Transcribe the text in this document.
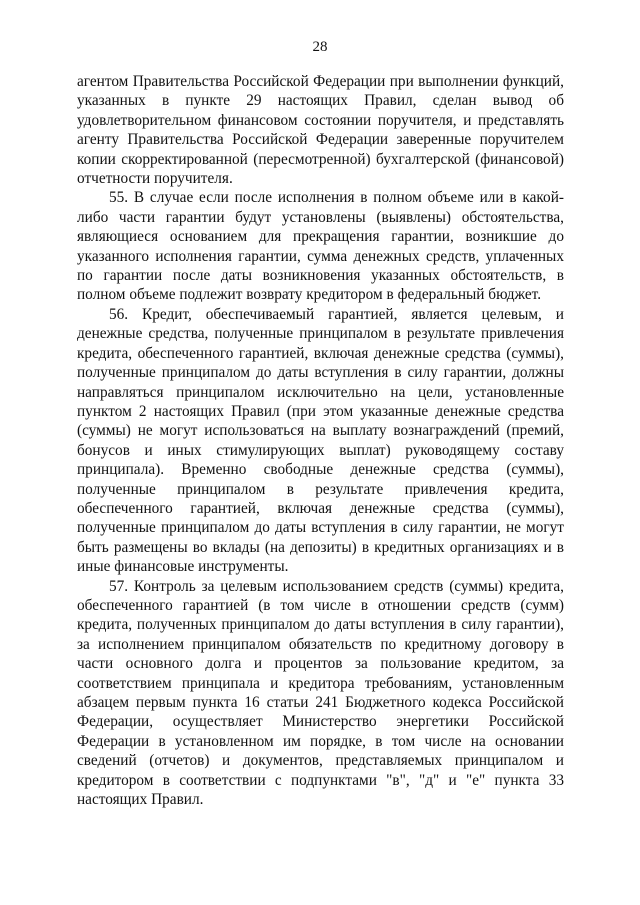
28

агентом Правительства Российской Федерации при выполнении функций, указанных в пункте 29 настоящих Правил, сделан вывод об удовлетворительном финансовом состоянии поручителя, и представлять агенту Правительства Российской Федерации заверенные поручителем копии скорректированной (пересмотренной) бухгалтерской (финансовой) отчетности поручителя.

55. В случае если после исполнения в полном объеме или в какой-либо части гарантии будут установлены (выявлены) обстоятельства, являющиеся основанием для прекращения гарантии, возникшие до указанного исполнения гарантии, сумма денежных средств, уплаченных по гарантии после даты возникновения указанных обстоятельств, в полном объеме подлежит возврату кредитором в федеральный бюджет.

56. Кредит, обеспечиваемый гарантией, является целевым, и денежные средства, полученные принципалом в результате привлечения кредита, обеспеченного гарантией, включая денежные средства (суммы), полученные принципалом до даты вступления в силу гарантии, должны направляться принципалом исключительно на цели, установленные пунктом 2 настоящих Правил (при этом указанные денежные средства (суммы) не могут использоваться на выплату вознаграждений (премий, бонусов и иных стимулирующих выплат) руководящему составу принципала). Временно свободные денежные средства (суммы), полученные принципалом в результате привлечения кредита, обеспеченного гарантией, включая денежные средства (суммы), полученные принципалом до даты вступления в силу гарантии, не могут быть размещены во вклады (на депозиты) в кредитных организациях и в иные финансовые инструменты.

57. Контроль за целевым использованием средств (суммы) кредита, обеспеченного гарантией (в том числе в отношении средств (сумм) кредита, полученных принципалом до даты вступления в силу гарантии), за исполнением принципалом обязательств по кредитному договору в части основного долга и процентов за пользование кредитом, за соответствием принципала и кредитора требованиям, установленным абзацем первым пункта 16 статьи 241 Бюджетного кодекса Российской Федерации, осуществляет Министерство энергетики Российской Федерации в установленном им порядке, в том числе на основании сведений (отчетов) и документов, представляемых принципалом и кредитором в соответствии с подпунктами "в", "д" и "е" пункта 33 настоящих Правил.
